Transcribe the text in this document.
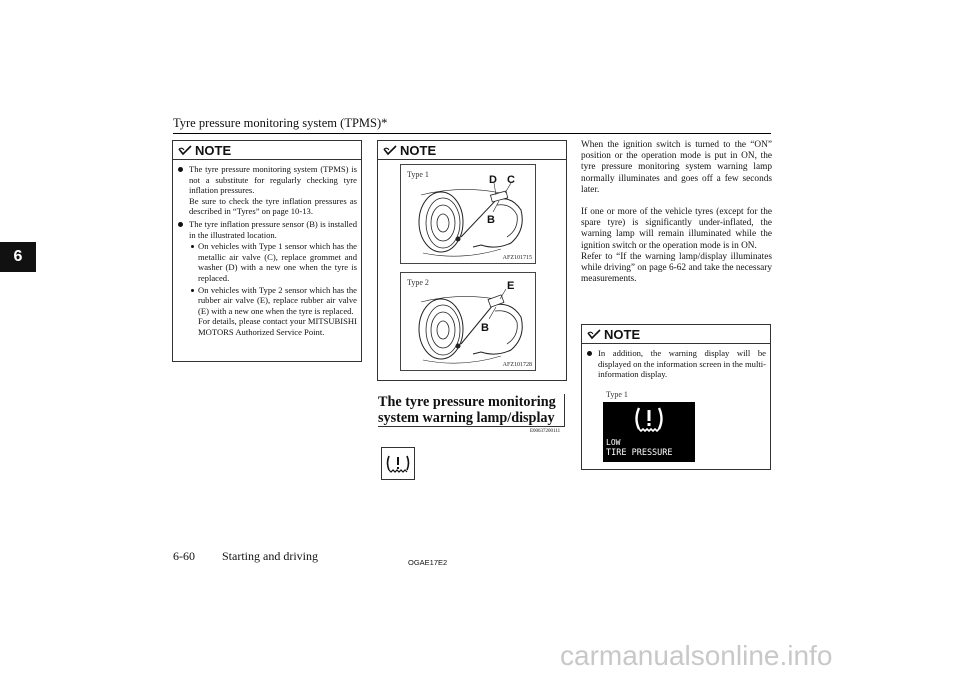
Tyre pressure monitoring system (TPMS)*
6
NOTE

The tyre pressure monitoring system (TPMS) is not a substitute for regularly checking tyre inflation pressures.

Be sure to check the tyre inflation pressures as described in “Tyres” on page 10-13.

The tyre inflation pressure sensor (B) is installed in the illustrated location.

On vehicles with Type 1 sensor which has the metallic air valve (C), replace grommet and washer (D) with a new one when the tyre is replaced.

On vehicles with Type 2 sensor which has the rubber air valve (E), replace rubber air valve (E) with a new one when the tyre is replaced.

For details, please contact your MITSUBISHI MOTORS Authorized Service Point.

NOTE
D C
B
Type 1
AFZ101715
E
B
Type 2
AFZ101728
The tyre pressure monitoring system warning lamp/display
E00637200111

When the ignition switch is turned to the “ON” position or the operation mode is put in ON, the tyre pressure monitoring system warning lamp normally illuminates and goes off a few seconds later.

If one or more of the vehicle tyres (except for the spare tyre) is significantly under-inflated, the warning lamp will remain illuminated while the ignition switch or the operation mode is in ON.

Refer to “If the warning lamp/display illuminates while driving” on page 6-62 and take the necessary measurements.

NOTE

In addition, the warning display will be displayed on the information screen in the multi-information display.

Type 1
LOW
TIRE PRESSURE
6-60 Starting and driving	OGAE17E2
carmanualsonline.info
